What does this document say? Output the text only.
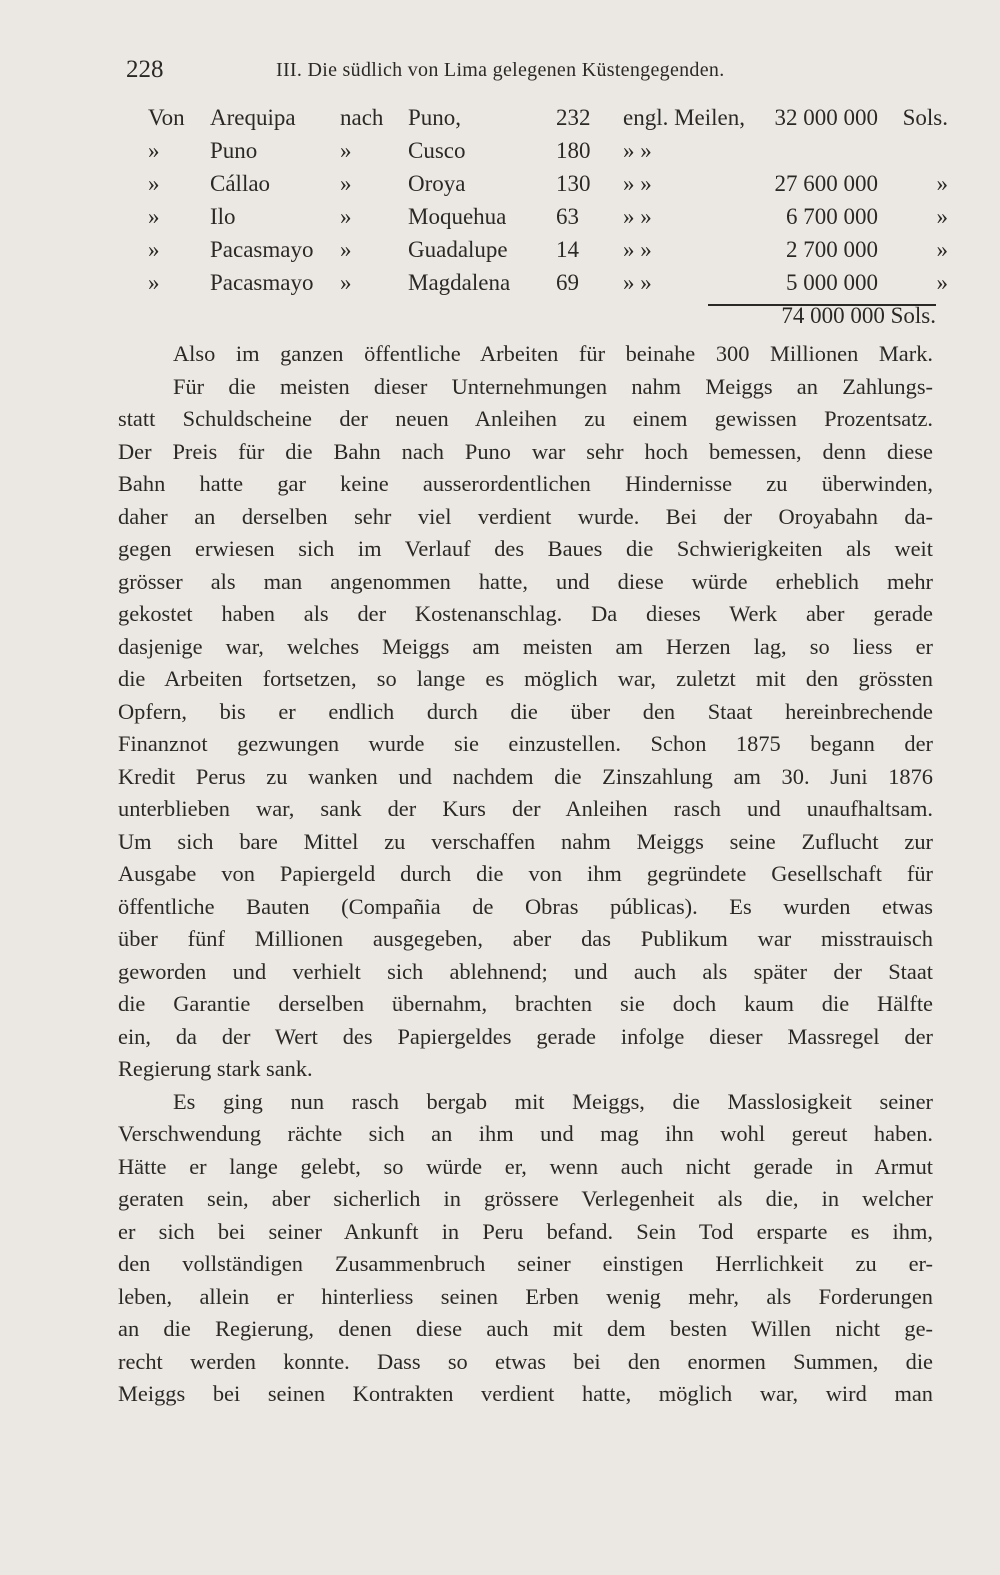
228	III. Die südlich von Lima gelegenen Küstengegenden.
Von Arequipa nach Puno,	232 engl. Meilen, 32 000 000 Sols.
» Puno	» Cusco	180 » »
» Cállao	» Oroya	130 » »	27 600 000	»
» Ilo	» Moquehua 63 » »	6 700 000	»
» Pacasmayo » Guadalupe 14 » »	2 700 000	»
» Pacasmayo » Magdalena 69 » »	5 000 000	»
74 000 000 Sols.
Also im ganzen öffentliche Arbeiten für beinahe 300 Millionen Mark.
Für die meisten dieser Unternehmungen nahm Meiggs an Zahlungs-
statt Schuldscheine der neuen Anleihen zu einem gewissen Prozentsatz.
Der Preis für die Bahn nach Puno war sehr hoch bemessen, denn diese
Bahn hatte gar keine ausserordentlichen Hindernisse zu überwinden,
daher an derselben sehr viel verdient wurde. Bei der Oroyabahn da-
gegen erwiesen sich im Verlauf des Baues die Schwierigkeiten als weit
grösser als man angenommen hatte, und diese würde erheblich mehr
gekostet haben als der Kostenanschlag. Da dieses Werk aber gerade
dasjenige war, welches Meiggs am meisten am Herzen lag, so liess er
die Arbeiten fortsetzen, so lange es möglich war, zuletzt mit den grössten
Opfern, bis er endlich durch die über den Staat hereinbrechende
Finanznot gezwungen wurde sie einzustellen. Schon 1875 begann der
Kredit Perus zu wanken und nachdem die Zinszahlung am 30. Juni 1876
unterblieben war, sank der Kurs der Anleihen rasch und unaufhaltsam.
Um sich bare Mittel zu verschaffen nahm Meiggs seine Zuflucht zur
Ausgabe von Papiergeld durch die von ihm gegründete Gesellschaft für
öffentliche Bauten (Compañia de Obras públicas). Es wurden etwas
über fünf Millionen ausgegeben, aber das Publikum war misstrauisch
geworden und verhielt sich ablehnend; und auch als später der Staat
die Garantie derselben übernahm, brachten sie doch kaum die Hälfte
ein, da der Wert des Papiergeldes gerade infolge dieser Massregel der
Regierung stark sank.
Es ging nun rasch bergab mit Meiggs, die Masslosigkeit seiner
Verschwendung rächte sich an ihm und mag ihn wohl gereut haben.
Hätte er lange gelebt, so würde er, wenn auch nicht gerade in Armut
geraten sein, aber sicherlich in grössere Verlegenheit als die, in welcher
er sich bei seiner Ankunft in Peru befand. Sein Tod ersparte es ihm,
den vollständigen Zusammenbruch seiner einstigen Herrlichkeit zu er-
leben, allein er hinterliess seinen Erben wenig mehr, als Forderungen
an die Regierung, denen diese auch mit dem besten Willen nicht ge-
recht werden konnte. Dass so etwas bei den enormen Summen, die
Meiggs bei seinen Kontrakten verdient hatte, möglich war, wird man
